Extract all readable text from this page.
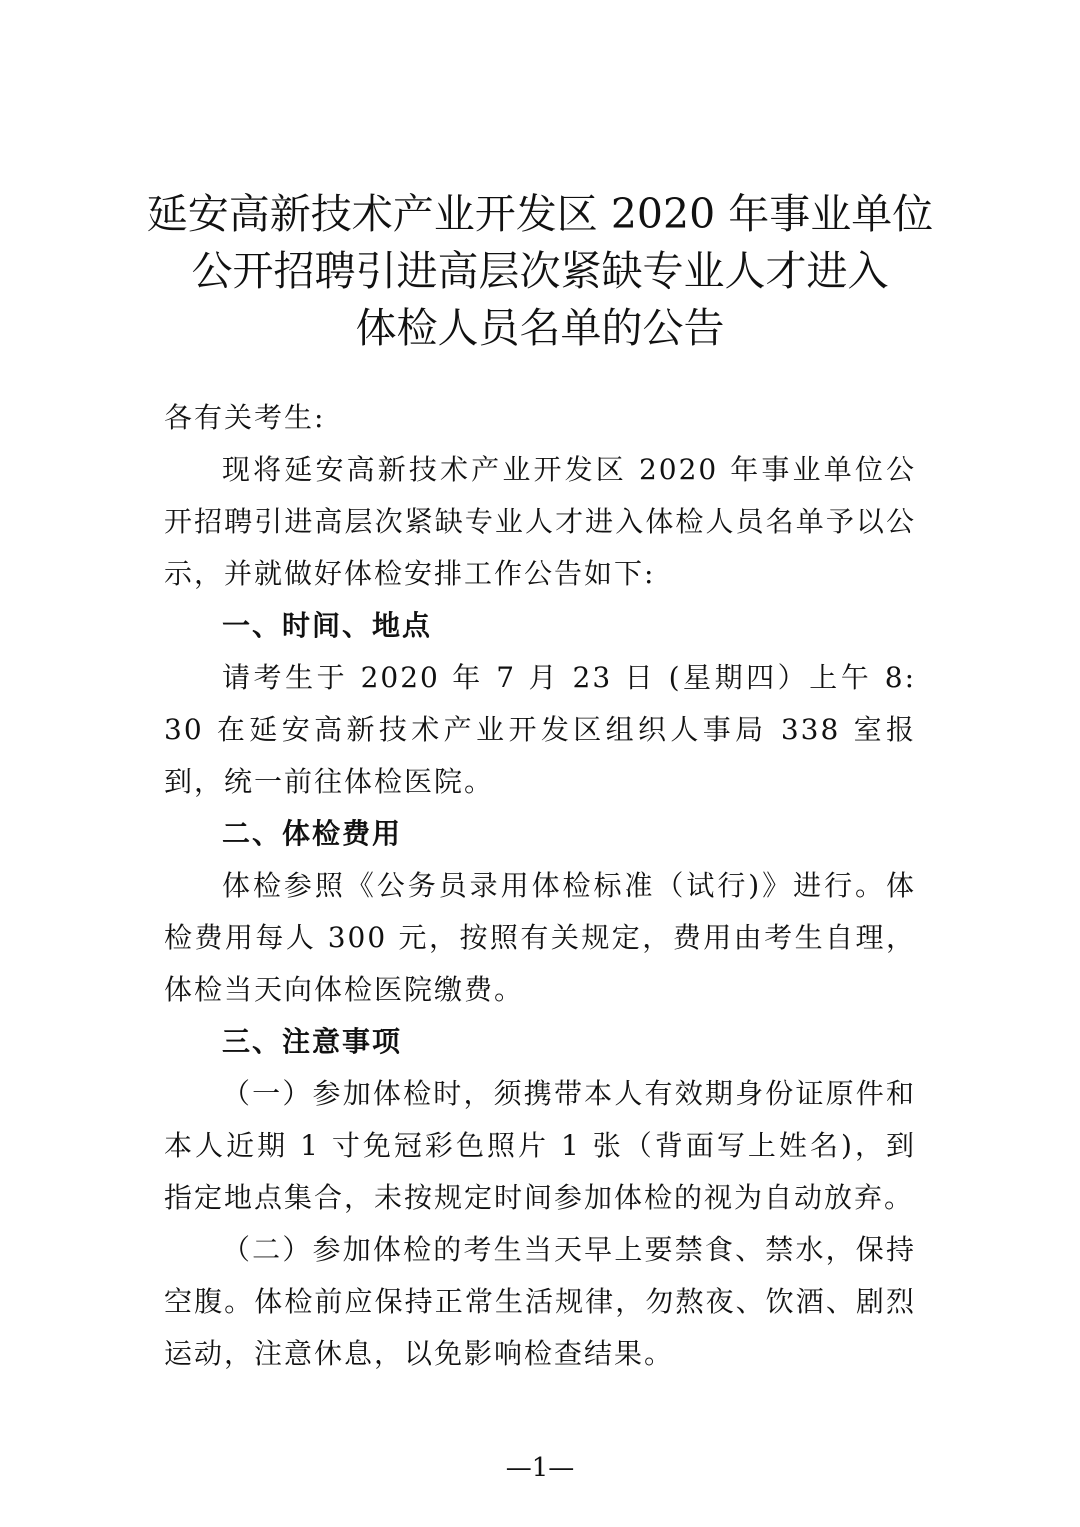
延安高新技术产业开发区 2020 年事业单位
公开招聘引进高层次紧缺专业人才进入
体检人员名单的公告

各有关考生:

现将延安高新技术产业开发区 2020 年事业单位公开招聘引进高层次紧缺专业人才进入体检人员名单予以公示，并就做好体检安排工作公告如下:

一、时间、地点

请考生于 2020 年 7 月 23 日 (星期四）上午 8: 30 在延安高新技术产业开发区组织人事局 338 室报到，统一前往体检医院。

二、体检费用

体检参照《公务员录用体检标准（试行)》进行。体检费用每人 300 元，按照有关规定，费用由考生自理，体检当天向体检医院缴费。

三、注意事项

（一）参加体检时，须携带本人有效期身份证原件和本人近期 1 寸免冠彩色照片 1 张（背面写上姓名)，到指定地点集合，未按规定时间参加体检的视为自动放弃。

（二）参加体检的考生当天早上要禁食、禁水，保持空腹。体检前应保持正常生活规律，勿熬夜、饮酒、剧烈运动，注意休息，以免影响检查结果。

—1—
